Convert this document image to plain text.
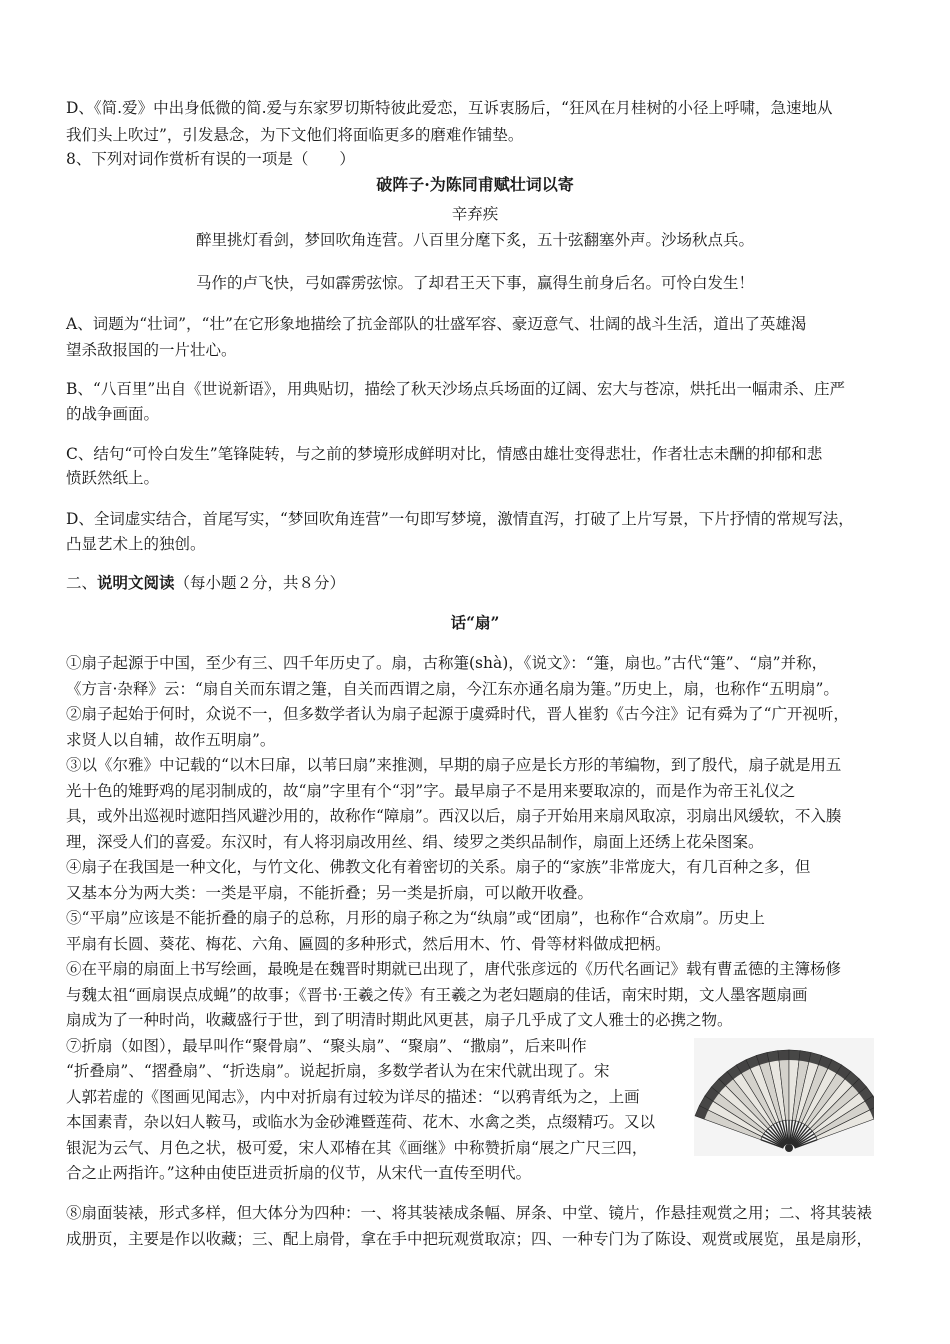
D、《简.爱》中出身低微的简.爱与东家罗切斯特彼此爱恋，互诉衷肠后，“狂风在月桂树的小径上呼啸，急速地从
我们头上吹过”，引发悬念，为下文他们将面临更多的磨难作铺垫。
8、下列对词作赏析有误的一项是（　　）
破阵子·为陈同甫赋壮词以寄
辛弃疾
醉里挑灯看剑，梦回吹角连营。八百里分麾下炙，五十弦翻塞外声。沙场秋点兵。
马作的卢飞快，弓如霹雳弦惊。了却君王天下事，赢得生前身后名。可怜白发生！
A、词题为“壮词”，“壮”在它形象地描绘了抗金部队的壮盛军容、豪迈意气、壮阔的战斗生活，道出了英雄渴
望杀敌报国的一片壮心。
B、“八百里”出自《世说新语》，用典贴切，描绘了秋天沙场点兵场面的辽阔、宏大与苍凉，烘托出一幅肃杀、庄严
的战争画面。
C、结句“可怜白发生”笔锋陡转，与之前的梦境形成鲜明对比，情感由雄壮变得悲壮，作者壮志未酬的抑郁和悲
愤跃然纸上。
D、全词虚实结合，首尾写实，“梦回吹角连营”一句即写梦境，激情直泻，打破了上片写景，下片抒情的常规写法，
凸显艺术上的独创。
二、说明文阅读（每小题２分，共８分）
话“扇”
①扇子起源于中国，至少有三、四千年历史了。扇，古称箑(shà)，《说文》：“箑，扇也。”古代“箑”、“扇”并称，
《方言·杂释》云：“扇自关而东谓之箑，自关而西谓之扇，今江东亦通名扇为箑。”历史上，扇，也称作“五明扇”。
②扇子起始于何时，众说不一，但多数学者认为扇子起源于虞舜时代，晋人崔豹《古今注》记有舜为了“广开视听，
求贤人以自辅，故作五明扇”。
③以《尔雅》中记载的“以木曰扉，以苇曰扇”来推测，早期的扇子应是长方形的苇编物，到了殷代，扇子就是用五
光十色的雉野鸡的尾羽制成的，故“扇”字里有个“羽”字。最早扇子不是用来要取凉的，而是作为帝王礼仪之
具，或外出巡视时遮阳挡风避沙用的，故称作“障扇”。西汉以后，扇子开始用来扇风取凉，羽扇出风缓软，不入腠
理，深受人们的喜爱。东汉时，有人将羽扇改用丝、绢、绫罗之类织品制作，扇面上还绣上花朵图案。
④扇子在我国是一种文化，与竹文化、佛教文化有着密切的关系。扇子的“家族”非常庞大，有几百种之多，但
又基本分为两大类：一类是平扇，不能折叠；另一类是折扇，可以敞开收叠。
⑤“平扇”应该是不能折叠的扇子的总称，月形的扇子称之为“纨扇”或“团扇”，也称作“合欢扇”。历史上
平扇有长圆、葵花、梅花、六角、匾圆的多种形式，然后用木、竹、骨等材料做成把柄。
⑥在平扇的扇面上书写绘画，最晚是在魏晋时期就已出现了，唐代张彦远的《历代名画记》载有曹孟德的主簿杨修
与魏太祖“画扇误点成蝇”的故事；《晋书·王羲之传》有王羲之为老妇题扇的佳话，南宋时期，文人墨客题扇画
扇成为了一种时尚，收藏盛行于世，到了明清时期此风更甚，扇子几乎成了文人雅士的必携之物。
⑦折扇（如图），最早叫作“聚骨扇”、“聚头扇”、“聚扇”、“撒扇”，后来叫作
“折叠扇”、“摺叠扇”、“折迭扇”。说起折扇，多数学者认为在宋代就出现了。宋
人郭若虚的《图画见闻志》，内中对折扇有过较为详尽的描述：“以鸦青纸为之，上画
本国素青，杂以妇人鞍马，或临水为金砂滩暨莲荷、花木、水禽之类，点缀精巧。又以
银泥为云气、月色之状，极可爱，宋人邓椿在其《画继》中称赞折扇“展之广尺三四，
合之止两指许。”这种由使臣进贡折扇的仪节，从宋代一直传至明代。
⑧扇面装裱，形式多样，但大体分为四种：一、将其装裱成条幅、屏条、中堂、镜片，作悬挂观赏之用；二、将其装裱
成册页，主要是作以收藏；三、配上扇骨，拿在手中把玩观赏取凉；四、一种专门为了陈设、观赏或展览，虽是扇形，
